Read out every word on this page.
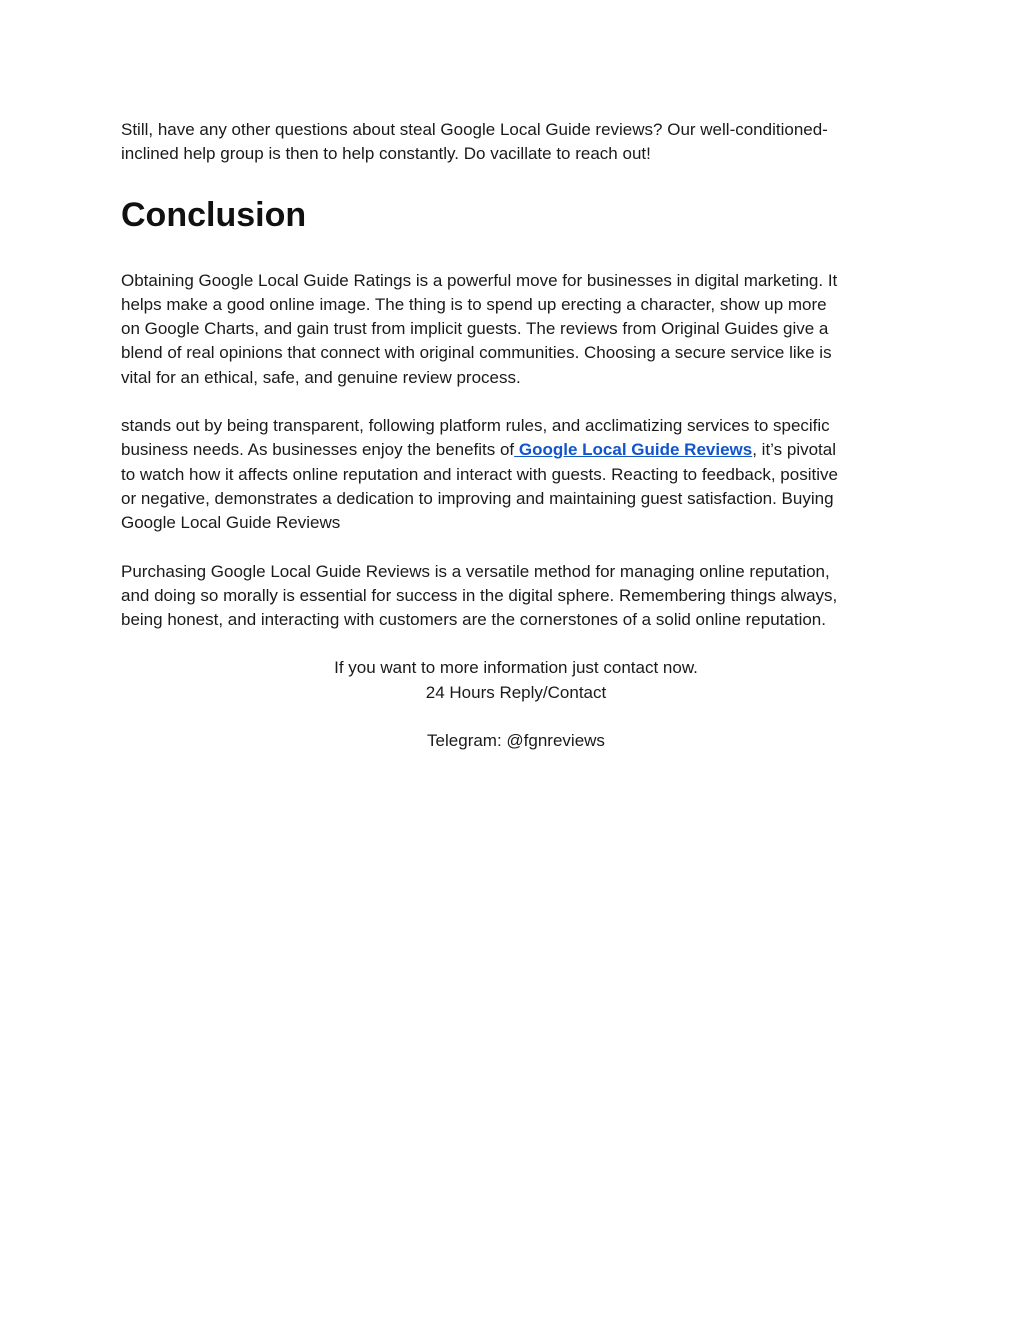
Still, have any other questions about steal Google Local Guide reviews? Our well-conditioned-
inclined help group is then to help constantly. Do vacillate to reach out!

Conclusion

Obtaining Google Local Guide Ratings is a powerful move for businesses in digital marketing. It
helps make a good online image. The thing is to spend up erecting a character, show up more
on Google Charts, and gain trust from implicit guests. The reviews from Original Guides give a
blend of real opinions that connect with original communities. Choosing a secure service like is
vital for an ethical, safe, and genuine review process.

stands out by being transparent, following platform rules, and acclimatizing services to specific
business needs. As businesses enjoy the benefits of Google Local Guide Reviews, it’s pivotal
to watch how it affects online reputation and interact with guests. Reacting to feedback, positive
or negative, demonstrates a dedication to improving and maintaining guest satisfaction. Buying
Google Local Guide Reviews

Purchasing Google Local Guide Reviews is a versatile method for managing online reputation,
and doing so morally is essential for success in the digital sphere. Remembering things always,
being honest, and interacting with customers are the cornerstones of a solid online reputation.

If you want to more information just contact now.
24 Hours Reply/Contact
Telegram: @fgnreviews
